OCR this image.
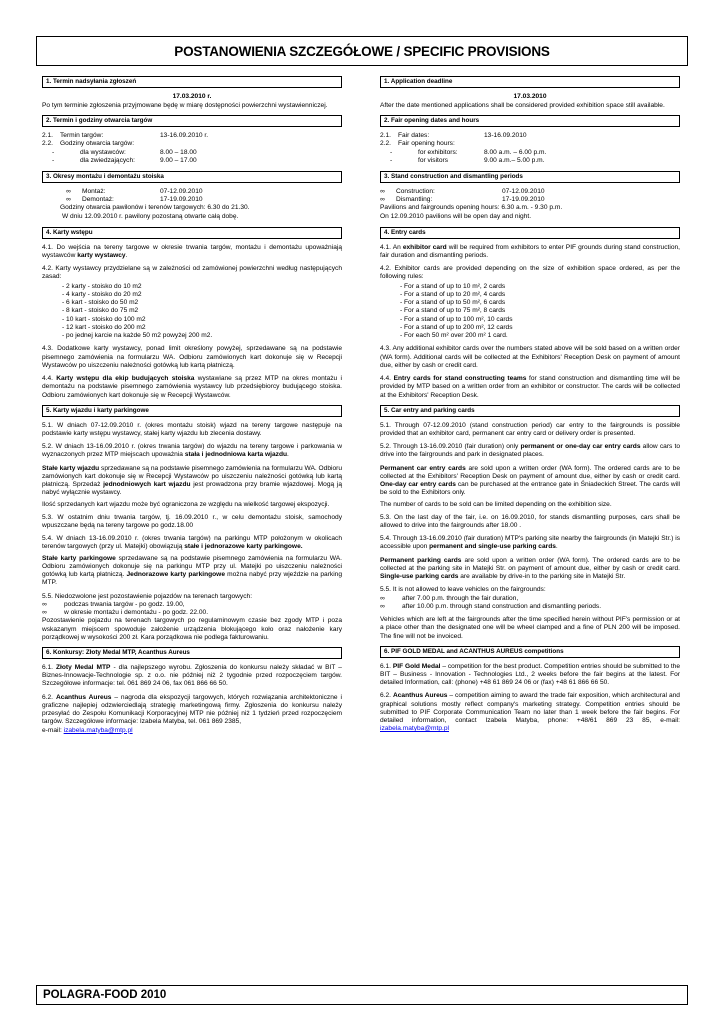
POSTANOWIENIA SZCZEGÓŁOWE / SPECIFIC PROVISIONS
1. Termin nadsyłania zgłoszeń
17.03.2010 r.

Po tym terminie zgłoszenia przyjmowane będę w miarę dostępności powierzchni wystawienniczej.

2. Termin i godziny otwarcia targów
2.1.	Termin targów:	13-16.09.2010 r.
2.2.	Godziny otwarcia targów:
-	dla wystawców:	8.00 – 18.00
-	dla zwiedzających:	9.00 – 17.00
3. Okresy montażu i demontażu stoiska
∞	Montaż:	07-12.09.2010
∞	Demontaż:	17-19.09.2010
Godziny otwarcia pawilonów i terenów targowych: 6.30 do 21.30.
W dniu 12.09.2010 r. pawilony pozostaną otwarte całą dobę.
4. Karty wstępu

4.1. Do wejścia na tereny targowe w okresie trwania targów, montażu i demontażu upoważniają wystawców karty wystawcy.

4.2. Karty wystawcy przydzielane są w zależności od zamówionej powierzchni według następujących zasad:

- 2 karty - stoisko do 10 m2
- 4 karty - stoisko do 20 m2
- 6 kart - stoisko do 50 m2
- 8 kart - stoisko do 75 m2
- 10 kart - stoisko do 100 m2
- 12 kart - stoisko do 200 m2
- po jednej karcie na każde 50 m2 powyżej 200 m2.

4.3. Dodatkowe karty wystawcy, ponad limit określony powyżej, sprzedawane są na podstawie pisemnego zamówienia na formularzu WA. Odbioru zamówionych kart dokonuje się w Recepcji Wystawców po uiszczeniu należności gotówką lub kartą płatniczą.

4.4. Karty wstępu dla ekip budujących stoiska wystawiane są przez MTP na okres montażu i demontażu na podstawie pisemnego zamówienia wystawcy lub przedsiębiorcy budującego stoiska. Odbioru zamówionych kart dokonuje się w Recepcji Wystawców.

5. Karty wjazdu i karty parkingowe

5.1. W dniach 07-12.09.2010 r. (okres montażu stoisk) wjazd na tereny targowe następuje na podstawie karty wstępu wystawcy, stałej karty wjazdu lub zlecenia dostawy.

5.2. W dniach 13-16.09.2010 r. (okres trwania targów) do wjazdu na tereny targowe i parkowania w wyznaczonych przez MTP miejscach upoważnia stała i jednodniowa karta wjazdu.

Stałe karty wjazdu sprzedawane są na podstawie pisemnego zamówienia na formularzu WA. Odbioru zamówionych kart dokonuje się w Recepcji Wystawców po uiszczeniu należności gotówką lub kartą płatniczą. Sprzedaż jednodniowych kart wjazdu jest prowadzona przy bramie wjazdowej. Mogą ją nabyć wyłącznie wystawcy.

Ilość sprzedanych kart wjazdu może być ograniczona ze względu na wielkość targowej ekspozycji.

5.3. W ostatnim dniu trwania targów, tj. 16.09.2010 r., w celu demontażu stoisk, samochody wpuszczane będą na tereny targowe po godz.18.00

5.4. W dniach 13-16.09.2010 r. (okres trwania targów) na parkingu MTP położonym w okolicach terenów targowych (przy ul. Matejki) obowiązują stałe i jednorazowe karty parkingowe.

Stałe karty parkingowe sprzedawane są na podstawie pisemnego zamówienia na formularzu WA. Odbioru zamówionych dokonuje się na parkingu MTP przy ul. Matejki po uiszczeniu należności gotówką lub kartą płatniczą. Jednorazowe karty parkingowe można nabyć przy wjeździe na parking MTP.

5.5. Niedozwolone jest pozostawienie pojazdów na terenach targowych:
∞	podczas trwania targów - po godz. 19.00,
∞	w okresie montażu i demontażu - po godz. 22.00.

Pozostawienie pojazdu na terenach targowych po regulaminowym czasie bez zgody MTP i poza wskazanym miejscem spowoduje założenie urządzenia blokującego koło oraz nałożenie kary porządkowej w wysokości 200 zł. Kara porządkowa nie podlega fakturowaniu.

6. Konkursy: Złoty Medal MTP, Acanthus Aureus

6.1. Złoty Medal MTP - dla najlepszego wyrobu. Zgłoszenia do konkursu należy składać w BIT – Biznes-Innowacje-Technologie sp. z o.o. nie później niż 2 tygodnie przed rozpoczęciem targów. Szczegółowe informacje: tel. 061 869 24 06, fax 061 866 66 50.

6.2. Acanthus Aureus – nagroda dla ekspozycji targowych, których rozwiązania architektoniczne i graficzne najlepiej odzwierciedlają strategię marketingową firmy. Zgłoszenia do konkursu należy przesyłać do Zespołu Komunikacji Korporacyjnej MTP nie później niż 1 tydzień przed rozpoczęciem targów. Szczegółowe informacje: Izabela Matyba, tel. 061 869 2385,

e-mail: izabela.matyba@mtp.pl
1. Application deadline
17.03.2010

After the date mentioned applications shall be considered provided exhibition space still available.

2. Fair opening dates and hours
2.1.	Fair dates:	13-16.09.2010
2.2.	Fair opening hours:
-	for exhibitors:	8.00 a.m. – 6.00 p.m.
-	for visitors	9.00 a.m.– 5.00 p.m.
3. Stand construction and dismantling periods
∞	Construction:	07-12.09.2010
∞	Dismantling:	17-19.09.2010
Pavilions and fairgrounds opening hours: 6.30 a.m. - 9.30 p.m.
On 12.09.2010 pavilions will be open day and night.
4. Entry cards

4.1. An exhibitor card will be required from exhibitors to enter PIF grounds during stand construction, fair duration and dismantling periods.

4.2. Exhibitor cards are provided depending on the size of exhibition space ordered, as per the following rules:

- For a stand of up to 10 m², 2 cards
- For a stand of up to 20 m², 4 cards
- For a stand of up to 50 m², 6 cards
- For a stand of up to 75 m², 8 cards
- For a stand of up to 100 m², 10 cards
- For a stand of up to 200 m², 12 cards
- For each 50 m² over 200 m² 1 card.

4.3. Any additional exhibitor cards over the numbers stated above will be sold based on a written order (WA form). Additional cards will be collected at the Exhibitors' Reception Desk on payment of amount due, either by cash or credit card.

4.4. Entry cards for stand constructing teams for stand construction and dismantling time will be provided by MTP based on a written order from an exhibitor or constructor. The cards will be collected at the Exhibitors' Reception Desk.

5. Car entry and parking cards

5.1. Through 07-12.09.2010 (stand construction period) car entry to the fairgrounds is possible provided that an exhibitor card, permanent car entry card or delivery order is presented.

5.2. Through 13-16.09.2010 (fair duration) only permanent or one-day car entry cards allow cars to drive into the fairgrounds and park in designated places.

Permanent car entry cards are sold upon a written order (WA form). The ordered cards are to be collected at the Exhibitors' Reception Desk on payment of amount due, either by cash or credit card. One-day car entry cards can be purchased at the entrance gate in Śniadeckich Street. The cards will be sold to the Exhibitors only.

The number of cards to be sold can be limited depending on the exhibition size.

5.3. On the last day of the fair, i.e. on 16.09.2010, for stands dismantling purposes, cars shall be allowed to drive into the fairgrounds after 18.00 .

5.4. Through 13-16.09.2010 (fair duration) MTP's parking site nearby the fairgrounds (in Matejki Str.) is accessible upon permanent and single-use parking cards.

Permanent parking cards are sold upon a written order (WA form). The ordered cards are to be collected at the parking site in Matejki Str. on payment of amount due, either by cash or credit card. Single-use parking cards are available by drive-in to the parking site in Matejki Str.

5.5. It is not allowed to leave vehicles on the fairgrounds:
∞	after 7.00 p.m. through the fair duration,
∞	after 10.00 p.m. through stand construction and dismantling periods.

Vehicles which are left at the fairgrounds after the time specified herein without PIF's permission or at a place other than the designated one will be wheel clamped and a fine of PLN 200 will be imposed. The fine will not be invoiced.

6. PIF GOLD MEDAL and ACANTHUS AUREUS competitions

6.1. PIF Gold Medal – competition for the best product. Competition entries should be submitted to the BIT – Business - Innovation - Technologies Ltd., 2 weeks before the fair begins at the latest. For detailed Information, call: (phone) +48 61 869 24 06 or (fax) +48 61 866 66 50.

6.2. Acanthus Aureus – competition aiming to award the trade fair exposition, which architectural and graphical solutions mostly reflect company's marketing strategy. Competition entries should be submitted to PIF Corporate Communication Team no later than 1 week before the fair begins. For detailed information, contact Izabela Matyba, phone: +48/61 869 23 85, e-mail: izabela.matyba@mtp.pl

POLAGRA-FOOD 2010
